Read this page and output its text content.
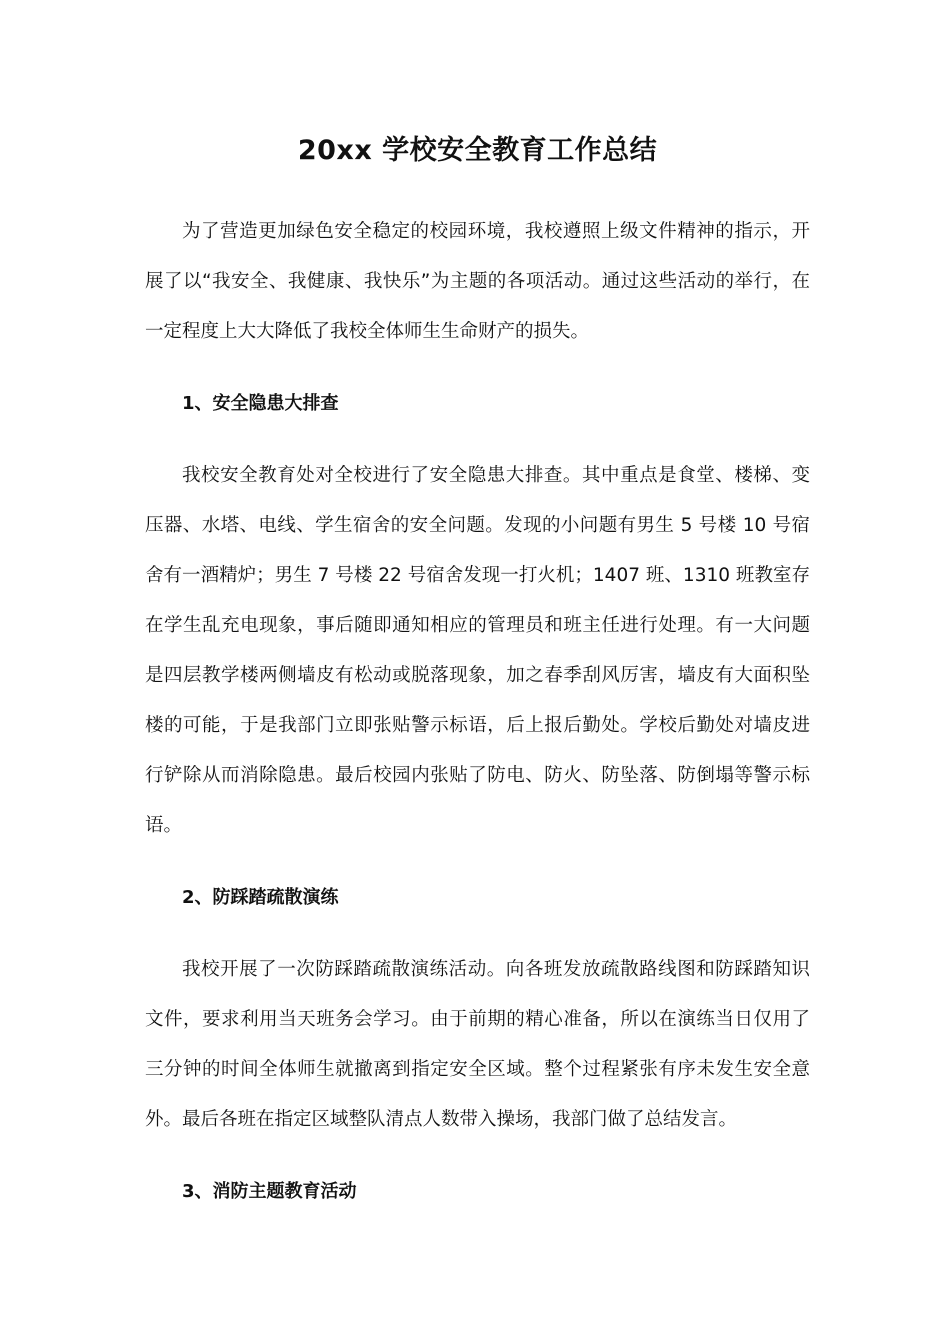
20xx 学校安全教育工作总结

为了营造更加绿色安全稳定的校园环境，我校遵照上级文件精神的指示，开展了以“我安全、我健康、我快乐”为主题的各项活动。通过这些活动的举行，在一定程度上大大降低了我校全体师生生命财产的损失。

1、安全隐患大排查

我校安全教育处对全校进行了安全隐患大排查。其中重点是食堂、楼梯、变压器、水塔、电线、学生宿舍的安全问题。发现的小问题有男生 5 号楼 10 号宿舍有一酒精炉；男生 7 号楼 22 号宿舍发现一打火机；1407 班、1310 班教室存在学生乱充电现象，事后随即通知相应的管理员和班主任进行处理。有一大问题是四层教学楼两侧墙皮有松动或脱落现象，加之春季刮风厉害，墙皮有大面积坠楼的可能，于是我部门立即张贴警示标语，后上报后勤处。学校后勤处对墙皮进行铲除从而消除隐患。最后校园内张贴了防电、防火、防坠落、防倒塌等警示标语。

2、防踩踏疏散演练

我校开展了一次防踩踏疏散演练活动。向各班发放疏散路线图和防踩踏知识文件，要求利用当天班务会学习。由于前期的精心准备，所以在演练当日仅用了三分钟的时间全体师生就撤离到指定安全区域。整个过程紧张有序未发生安全意外。最后各班在指定区域整队清点人数带入操场，我部门做了总结发言。

3、消防主题教育活动
